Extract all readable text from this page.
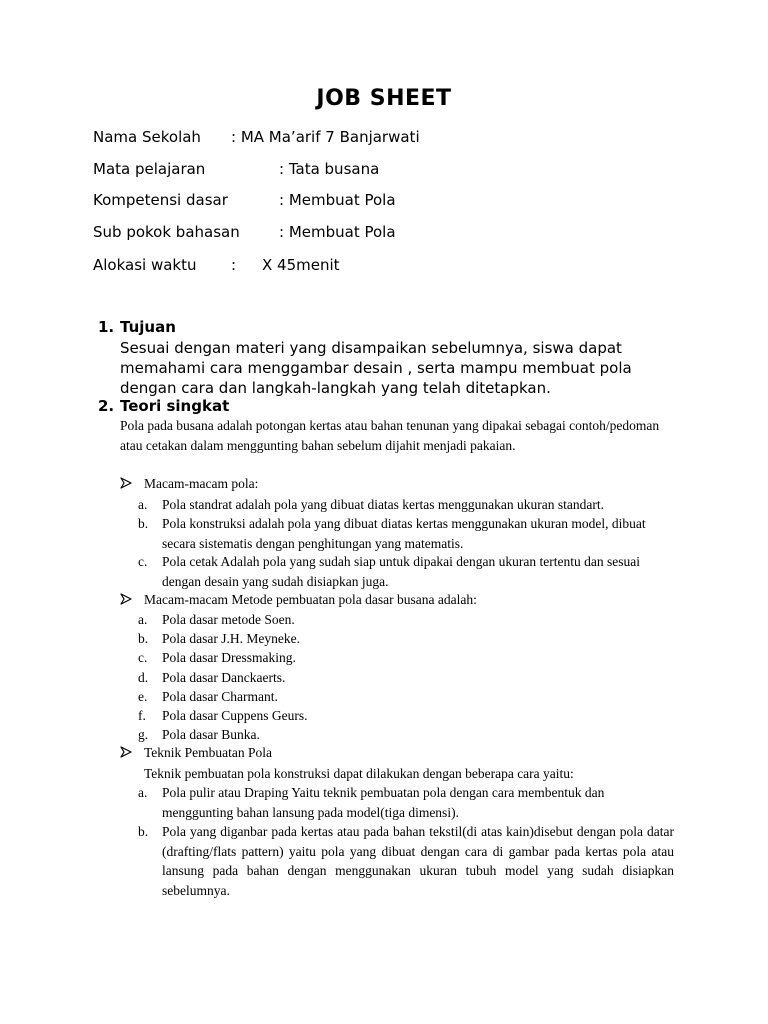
JOB SHEET
Nama Sekolah : MA Ma’arif 7 Banjarwati
Mata pelajaran	: Tata busana
Kompetensi dasar	: Membuat Pola
Sub pokok bahasan	: Membuat Pola
Alokasi waktu : X 45menit
1. Tujuan
Sesuai dengan materi yang disampaikan sebelumnya, siswa dapat memahami cara menggambar desain , serta mampu membuat pola dengan cara dan langkah-langkah yang telah ditetapkan.
2. Teori singkat
Pola pada busana adalah potongan kertas atau bahan tenunan yang dipakai sebagai contoh/pedoman atau cetakan dalam menggunting bahan sebelum dijahit menjadi pakaian.
Macam-macam pola:
a. Pola standrat adalah pola yang dibuat diatas kertas menggunakan ukuran standart.
b. Pola konstruksi adalah pola yang dibuat diatas kertas menggunakan ukuran model, dibuat secara sistematis dengan penghitungan yang matematis.
c. Pola cetak Adalah pola yang sudah siap untuk dipakai dengan ukuran tertentu dan sesuai dengan desain yang sudah disiapkan juga.
Macam-macam Metode pembuatan pola dasar busana adalah:
a. Pola dasar metode Soen.
b. Pola dasar J.H. Meyneke.
c. Pola dasar Dressmaking.
d. Pola dasar Danckaerts.
e. Pola dasar Charmant.
f. Pola dasar Cuppens Geurs.
g. Pola dasar Bunka.
Teknik Pembuatan Pola
Teknik pembuatan pola konstruksi dapat dilakukan dengan beberapa cara yaitu:
a. Pola pulir atau Draping Yaitu teknik pembuatan pola dengan cara membentuk dan menggunting bahan lansung pada model(tiga dimensi).
b. Pola yang diganbar pada kertas atau pada bahan tekstil(di atas kain)disebut dengan pola datar (drafting/flats pattern) yaitu pola yang dibuat dengan cara di gambar pada kertas pola atau lansung pada bahan dengan menggunakan ukuran tubuh model yang sudah disiapkan sebelumnya.
